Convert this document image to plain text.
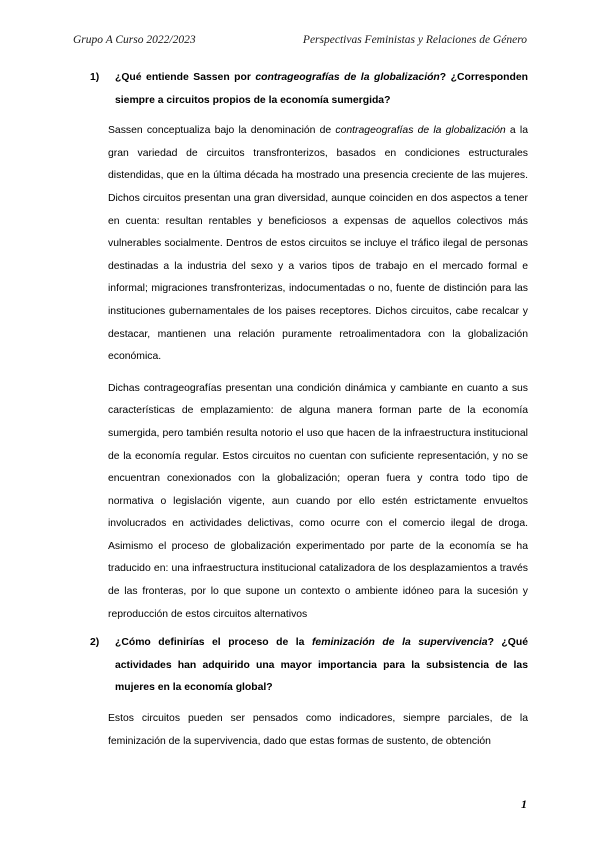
Grupo A Curso 2022/2023	Perspectivas Feministas y Relaciones de Género
1)	¿Qué entiende Sassen por contrageografías de la globalización? ¿Corresponden siempre a circuitos propios de la economía sumergida?

Sassen conceptualiza bajo la denominación de contrageografías de la globalización a la gran variedad de circuitos transfronterizos, basados en condiciones estructurales distendidas, que en la última década ha mostrado una presencia creciente de las mujeres. Dichos circuitos presentan una gran diversidad, aunque coinciden en dos aspectos a tener en cuenta: resultan rentables y beneficiosos a expensas de aquellos colectivos más vulnerables socialmente. Dentros de estos circuitos se incluye el tráfico ilegal de personas destinadas a la industria del sexo y a varios tipos de trabajo en el mercado formal e informal; migraciones transfronterizas, indocumentadas o no, fuente de distinción para las instituciones gubernamentales de los paises receptores. Dichos circuitos, cabe recalcar y destacar, mantienen una relación puramente retroalimentadora con la globalización económica.

Dichas contrageografías presentan una condición dinámica y cambiante en cuanto a sus características de emplazamiento: de alguna manera forman parte de la economía sumergida, pero también resulta notorio el uso que hacen de la infraestructura institucional de la economía regular. Estos circuitos no cuentan con suficiente representación, y no se encuentran conexionados con la globalización; operan fuera y contra todo tipo de normativa o legislación vigente, aun cuando por ello estén estrictamente envueltos involucrados en actividades delictivas, como ocurre con el comercio ilegal de droga. Asimismo el proceso de globalización experimentado por parte de la economía se ha traducido en: una infraestructura institucional catalizadora de los desplazamientos a través de las fronteras, por lo que supone un contexto o ambiente idóneo para la sucesión y reproducción de estos circuitos alternativos

2)	¿Cómo definirías el proceso de la feminización de la supervivencia? ¿Qué actividades han adquirido una mayor importancia para la subsistencia de las mujeres en la economía global?

Estos circuitos pueden ser pensados como indicadores, siempre parciales, de la feminización de la supervivencia, dado que estas formas de sustento, de obtención

1
